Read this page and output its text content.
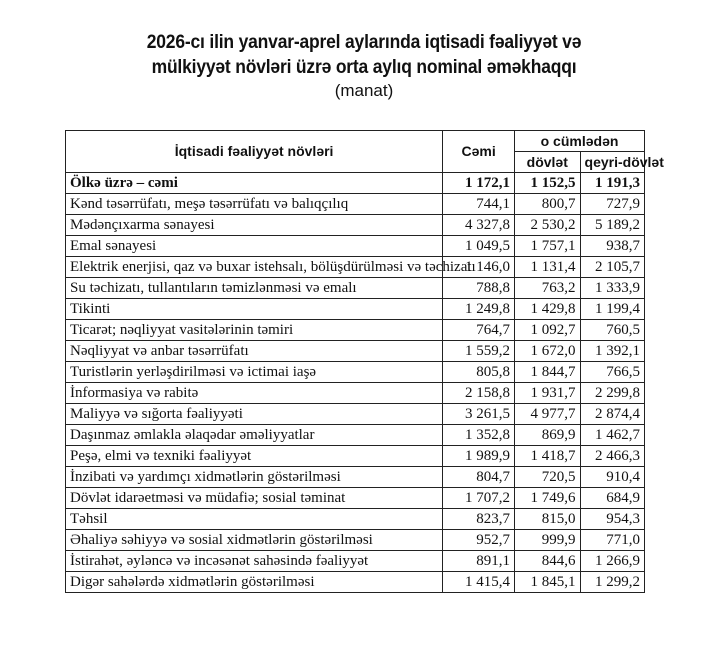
2026-cı ilin yanvar-aprel aylarında iqtisadi fəaliyyət və
mülkiyyət növləri üzrə orta aylıq nominal əməkhaqqı
(manat)
İqtisadi fəaliyyət növləri	Cəmi	o cümlədən	
		dövlət	qeyri-dövlət
Ölkə üzrə – cəmi	1 172,1	1 152,5	1 191,3
Kənd təsərrüfatı, meşə təsərrüfatı və balıqçılıq	744,1	800,7	727,9
Mədənçıxarma sənayesi	4 327,8	2 530,2	5 189,2
Emal sənayesi	1 049,5	1 757,1	938,7
Elektrik enerjisi, qaz və buxar istehsalı, bölüşdürülməsi və təchizatı	1 146,0	1 131,4	2 105,7
Su təchizatı, tullantıların təmizlənməsi və emalı	788,8	763,2	1 333,9
Tikinti	1 249,8	1 429,8	1 199,4
Ticarət; nəqliyyat vasitələrinin təmiri	764,7	1 092,7	760,5
Nəqliyyat və anbar təsərrüfatı	1 559,2	1 672,0	1 392,1
Turistlərin yerləşdirilməsi və ictimai iaşə	805,8	1 844,7	766,5
İnformasiya və rabitə	2 158,8	1 931,7	2 299,8
Maliyyə və sığorta fəaliyyəti	3 261,5	4 977,7	2 874,4
Daşınmaz əmlakla əlaqədar əməliyyatlar	1 352,8	869,9	1 462,7
Peşə, elmi və texniki fəaliyyət	1 989,9	1 418,7	2 466,3
İnzibati və yardımçı xidmətlərin göstərilməsi	804,7	720,5	910,4
Dövlət idarəetməsi və müdafiə; sosial təminat	1 707,2	1 749,6	684,9
Təhsil	823,7	815,0	954,3
Əhaliyə səhiyyə və sosial xidmətlərin göstərilməsi	952,7	999,9	771,0
İstirahət, əyləncə və incəsənət sahəsində fəaliyyət	891,1	844,6	1 266,9
Digər sahələrdə xidmətlərin göstərilməsi	1 415,4	1 845,1	1 299,2
